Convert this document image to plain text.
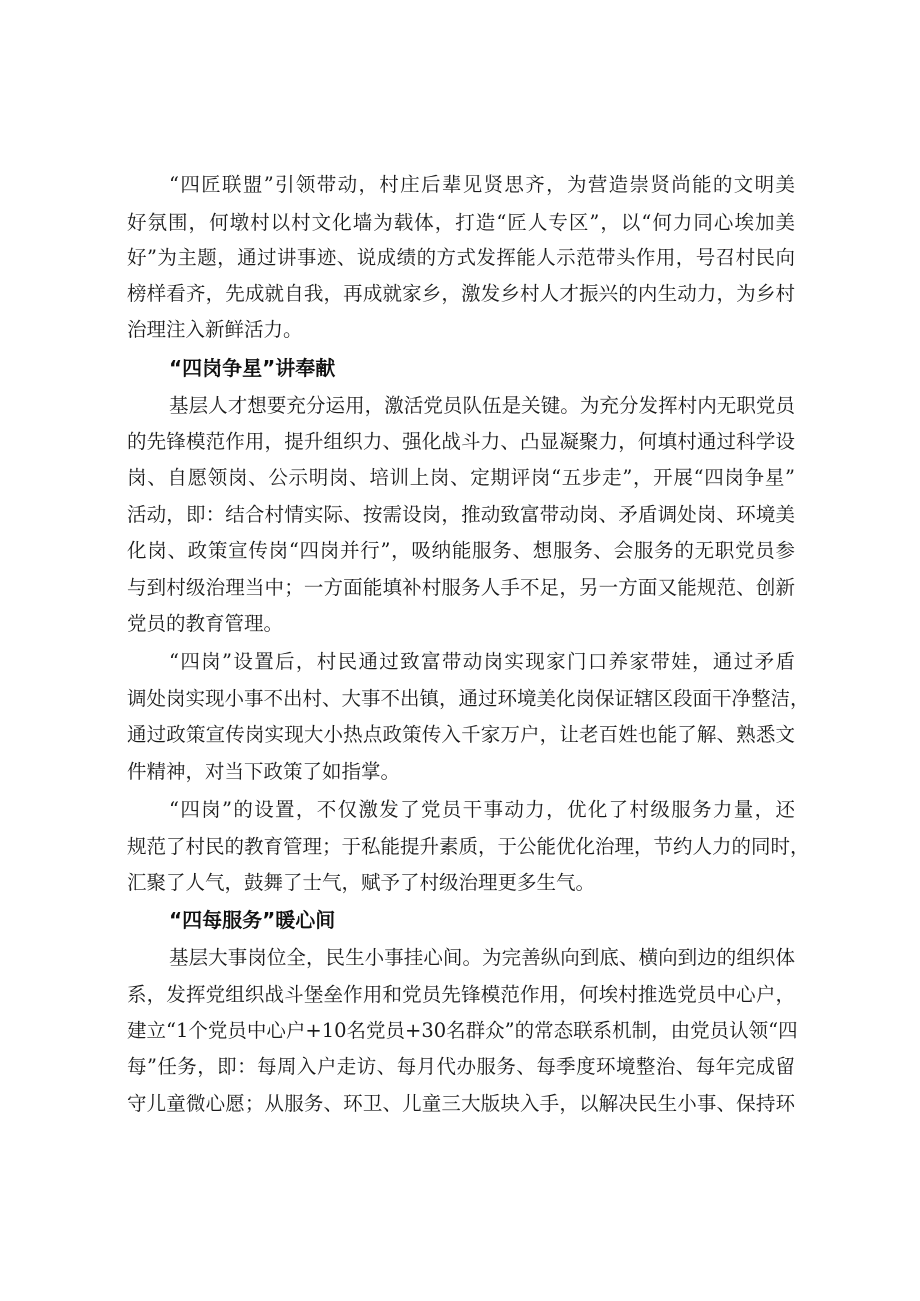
“四匠联盟”引领带动，村庄后辈见贤思齐，为营造崇贤尚能的文明美
好氛围，何墩村以村文化墙为载体，打造“匠人专区”，以“何力同心埃加美
好”为主题，通过讲事迹、说成绩的方式发挥能人示范带头作用，号召村民向
榜样看齐，先成就自我，再成就家乡，激发乡村人才振兴的内生动力，为乡村
治理注入新鲜活力。
“四岗争星”讲奉献
基层人才想要充分运用，激活党员队伍是关键。为充分发挥村内无职党员
的先锋模范作用，提升组织力、强化战斗力、凸显凝聚力，何填村通过科学设
岗、自愿领岗、公示明岗、培训上岗、定期评岗“五步走”，开展“四岗争星”
活动，即：结合村情实际、按需设岗，推动致富带动岗、矛盾调处岗、环境美
化岗、政策宣传岗“四岗并行”，吸纳能服务、想服务、会服务的无职党员参
与到村级治理当中；一方面能填补村服务人手不足，另一方面又能规范、创新
党员的教育管理。
“四岗”设置后，村民通过致富带动岗实现家门口养家带娃，通过矛盾
调处岗实现小事不出村、大事不出镇，通过环境美化岗保证辖区段面干净整洁，
通过政策宣传岗实现大小热点政策传入千家万户，让老百姓也能了解、熟悉文
件精神，对当下政策了如指掌。
“四岗”的设置，不仅激发了党员干事动力，优化了村级服务力量，还
规范了村民的教育管理；于私能提升素质，于公能优化治理，节约人力的同时，
汇聚了人气，鼓舞了士气，赋予了村级治理更多生气。
“四每服务”暖心间
基层大事岗位全，民生小事挂心间。为完善纵向到底、横向到边的组织体
系，发挥党组织战斗堡垒作用和党员先锋模范作用，何埃村推选党员中心户，
建立“1个党员中心户+10名党员+30名群众”的常态联系机制，由党员认领“四
每”任务，即：每周入户走访、每月代办服务、每季度环境整治、每年完成留
守儿童微心愿；从服务、环卫、儿童三大版块入手，以解决民生小事、保持环
